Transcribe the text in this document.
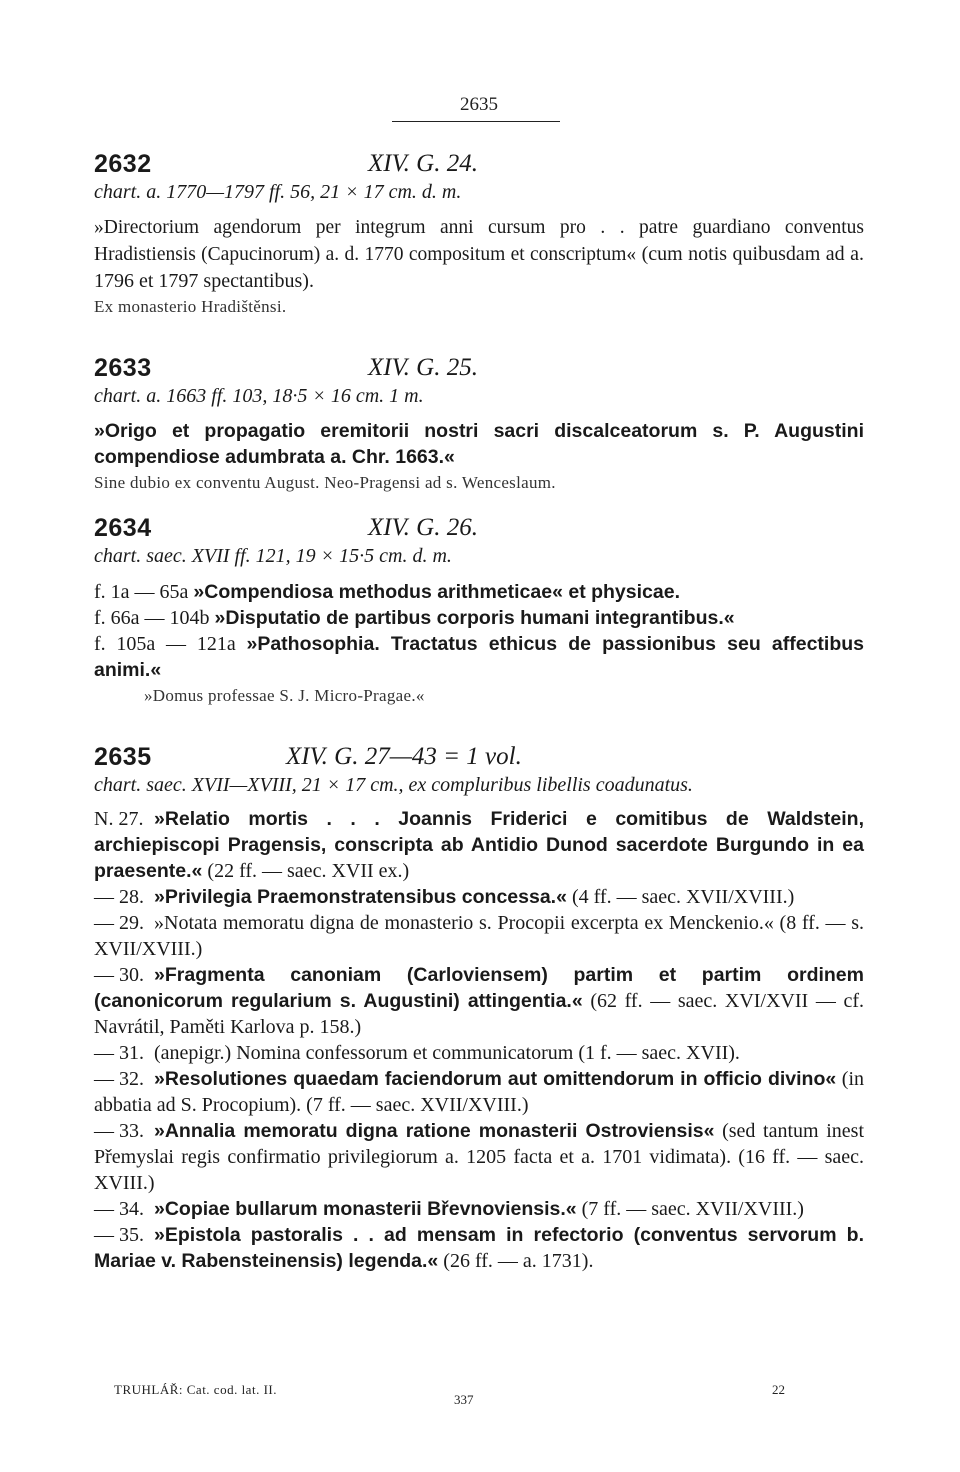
2635
2632	XIV. G. 24.

chart. a. 1770—1797 ff. 56, 21 × 17 cm. d. m.

»Directorium agendorum per integrum anni cursum pro . . patre guardiano conventus Hradistiensis (Capucinorum) a. d. 1770 compositum et conscriptum« (cum notis quibusdam ad a. 1796 et 1797 spectantibus).

Ex monasterio Hradištěnsi.

2633	XIV. G. 25.

chart. a. 1663 ff. 103, 18·5 × 16 cm. 1 m.

»Origo et propagatio eremitorii nostri sacri discalceatorum s. P. Augustini compendiose adumbrata a. Chr. 1663.«

Sine dubio ex conventu August. Neo-Pragensi ad s. Wenceslaum.

2634	XIV. G. 26.

chart. saec. XVII ff. 121, 19 × 15·5 cm. d. m.

f. 1a — 65a »Compendiosa methodus arithmeticae« et physicae.

f. 66a — 104b »Disputatio de partibus corporis humani integrantibus.«

f. 105a — 121a »Pathosophia. Tractatus ethicus de passionibus seu affectibus animi.«

»Domus professae S. J. Micro-Pragae.«

2635	XIV. G. 27—43 = 1 vol.

chart. saec. XVII—XVIII, 21 × 17 cm., ex compluribus libellis coadunatus.

N. 27. »Relatio mortis . . . Joannis Friderici e comitibus de Waldstein, archiepiscopi Pragensis, conscripta ab Antidio Dunod sacerdote Burgundo in ea praesente.« (22 ff. — saec. XVII ex.)

— 28. »Privilegia Praemonstratensibus concessa.« (4 ff. — saec. XVII/XVIII.)

— 29. »Notata memoratu digna de monasterio s. Procopii excerpta ex Menckenio.« (8 ff. — s. XVII/XVIII.)

— 30. »Fragmenta canoniam (Carloviensem) partim et partim ordinem (canonicorum regularium s. Augustini) attingentia.« (62 ff. — saec. XVI/XVII — cf. Navrátil, Paměti Karlova p. 158.)

— 31. (anepigr.) Nomina confessorum et communicatorum (1 f. — saec. XVII).

— 32. »Resolutiones quaedam faciendorum aut omittendorum in officio divino« (in abbatia ad S. Procopium). (7 ff. — saec. XVII/XVIII.)

— 33. »Annalia memoratu digna ratione monasterii Ostroviensis« (sed tantum inest Přemyslai regis confirmatio privilegiorum a. 1205 facta et a. 1701 vidimata). (16 ff. — saec. XVIII.)

— 34. »Copiae bullarum monasterii Břevnoviensis.« (7 ff. — saec. XVII/XVIII.)

— 35. »Epistola pastoralis . . ad mensam in refectorio (conventus servorum b. Mariae v. Rabensteinensis) legenda.« (26 ff. — a. 1731).

TRUHLÁŘ: Cat. cod. lat. II.
337
22
